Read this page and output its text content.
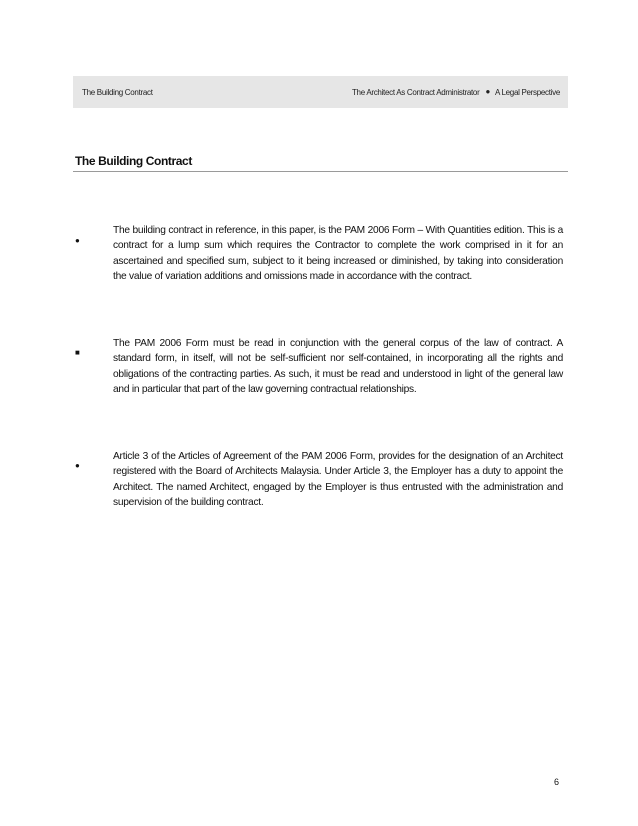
The Building Contract	The Architect As Contract Administrator ● A Legal Perspective
The Building Contract
●

The building contract in reference, in this paper, is the PAM 2006 Form – With Quantities edition. This is a contract for a lump sum which requires the Contractor to complete the work comprised in it for an ascertained and specified sum, subject to it being increased or diminished, by taking into consideration the value of variation additions and omissions made in accordance with the contract.

■

The PAM 2006 Form must be read in conjunction with the general corpus of the law of contract. A standard form, in itself, will not be self-sufficient nor self-contained, in incorporating all the rights and obligations of the contracting parties. As such, it must be read and understood in light of the general law and in particular that part of the law governing contractual relationships.

●

Article 3 of the Articles of Agreement of the PAM 2006 Form, provides for the designation of an Architect registered with the Board of Architects Malaysia. Under Article 3, the Employer has a duty to appoint the Architect. The named Architect, engaged by the Employer is thus entrusted with the administration and supervision of the building contract.

6
